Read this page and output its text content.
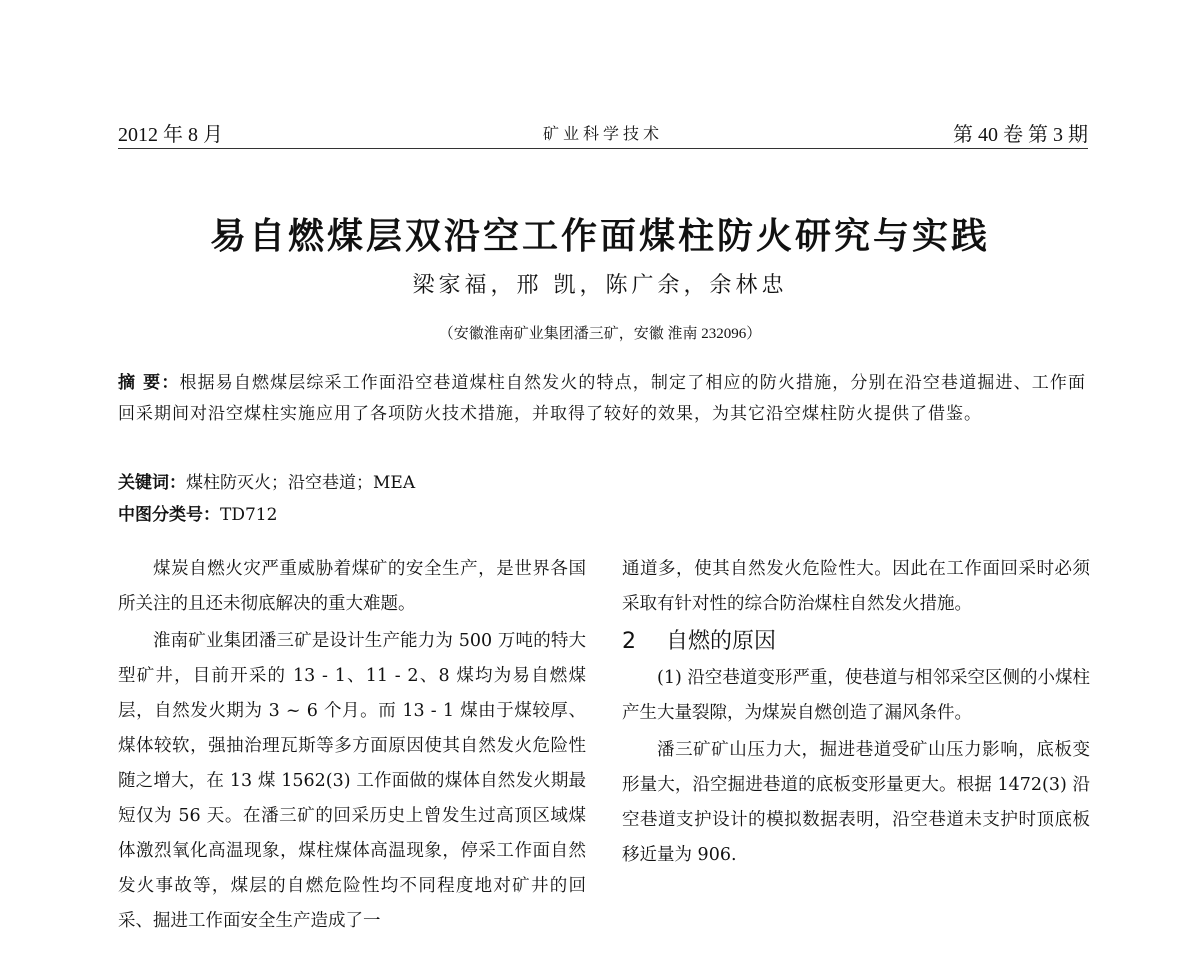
2012 年 8 月	矿业科学技术	第 40 卷 第 3 期
易自燃煤层双沿空工作面煤柱防火研究与实践
梁家福，邢 凯，陈广余，余林忠
（安徽淮南矿业集团潘三矿，安徽 淮南 232096）
摘 要：根据易自燃煤层综采工作面沿空巷道煤柱自然发火的特点，制定了相应的防火措施，分别在沿空巷道掘进、工作面回采期间对沿空煤柱实施应用了各项防火技术措施，并取得了较好的效果，为其它沿空煤柱防火提供了借鉴。
关键词：煤柱防灭火；沿空巷道；MEA
中图分类号：TD712

煤炭自燃火灾严重威胁着煤矿的安全生产，是世界各国所关注的且还未彻底解决的重大难题。

淮南矿业集团潘三矿是设计生产能力为 500 万吨的特大型矿井，目前开采的 13 - 1、11 - 2、8 煤均为易自燃煤层，自然发火期为 3 ~ 6 个月。而 13 - 1 煤由于煤较厚、煤体较软，强抽治理瓦斯等多方面原因使其自然发火危险性随之增大，在 13 煤 1562(3) 工作面做的煤体自然发火期最短仅为 56 天。在潘三矿的回采历史上曾发生过高顶区域煤体激烈氧化高温现象，煤柱煤体高温现象，停采工作面自然发火事故等，煤层的自燃危险性均不同程度地对矿井的回采、掘进工作面安全生产造成了一

通道多，使其自然发火危险性大。因此在工作面回采时必须采取有针对性的综合防治煤柱自然发火措施。

2 自燃的原因

(1) 沿空巷道变形严重，使巷道与相邻采空区侧的小煤柱产生大量裂隙，为煤炭自燃创造了漏风条件。

潘三矿矿山压力大，掘进巷道受矿山压力影响，底板变形量大，沿空掘进巷道的底板变形量更大。根据 1472(3) 沿空巷道支护设计的模拟数据表明，沿空巷道未支护时顶底板移近量为 906.
